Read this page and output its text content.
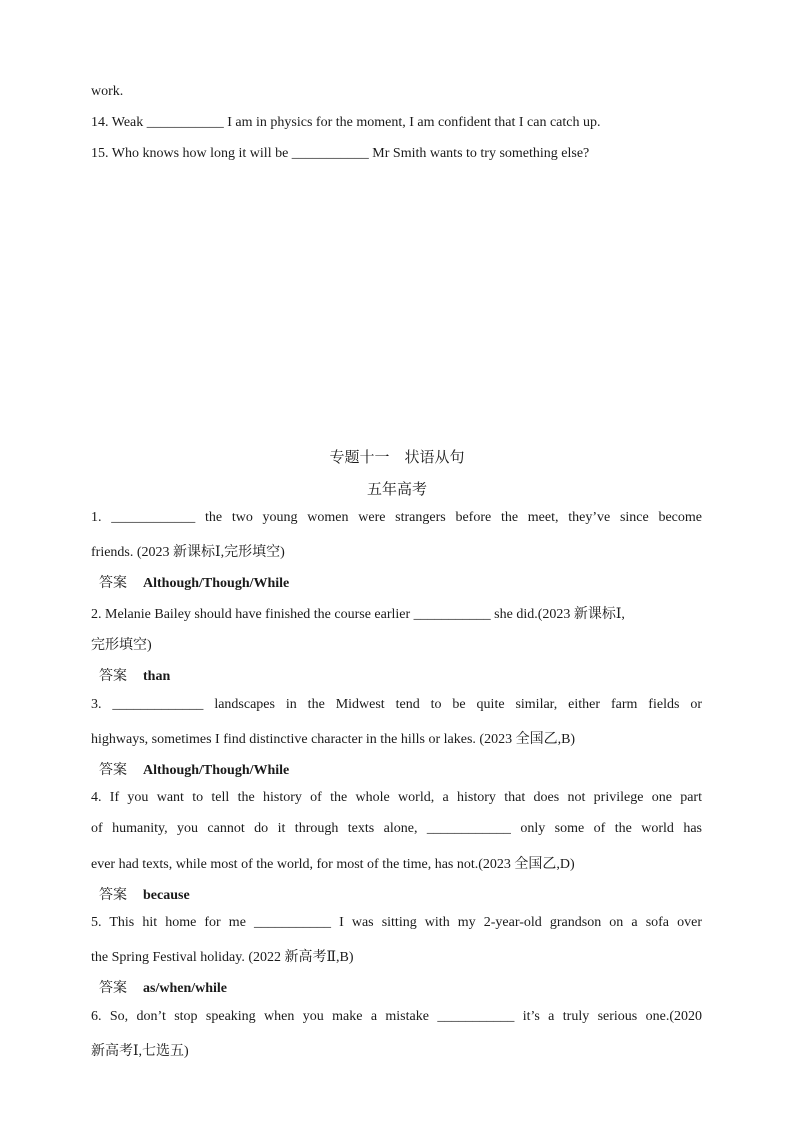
work.
14. Weak ___________ I am in physics for the moment, I am confident that I can catch up.
15. Who knows how long it will be ___________ Mr Smith wants to try something else?
专题十一　状语从句
五年高考
1. ____________ the two young women were strangers before the meet, they’ve since become
friends. (2023 新课标Ⅰ,完形填空)
答案 Although/Though/While
2. Melanie Bailey should have finished the course earlier ___________ she did.(2023 新课标Ⅰ,
完形填空)
答案 than
3. _____________ landscapes in the Midwest tend to be quite similar, either farm fields or
highways, sometimes I find distinctive character in the hills or lakes. (2023 全国乙,B)
答案 Although/Though/While
4. If you want to tell the history of the whole world, a history that does not privilege one part
of humanity, you cannot do it through texts alone, ____________ only some of the world has
ever had texts, while most of the world, for most of the time, has not.(2023 全国乙,D)
答案 because
5. This hit home for me ___________ I was sitting with my 2-year-old grandson on a sofa over
the Spring Festival holiday. (2022 新高考Ⅱ,B)
答案 as/when/while
6. So, don’t stop speaking when you make a mistake ___________ it’s a truly serious one.(2020
新高考Ⅰ,七选五)
